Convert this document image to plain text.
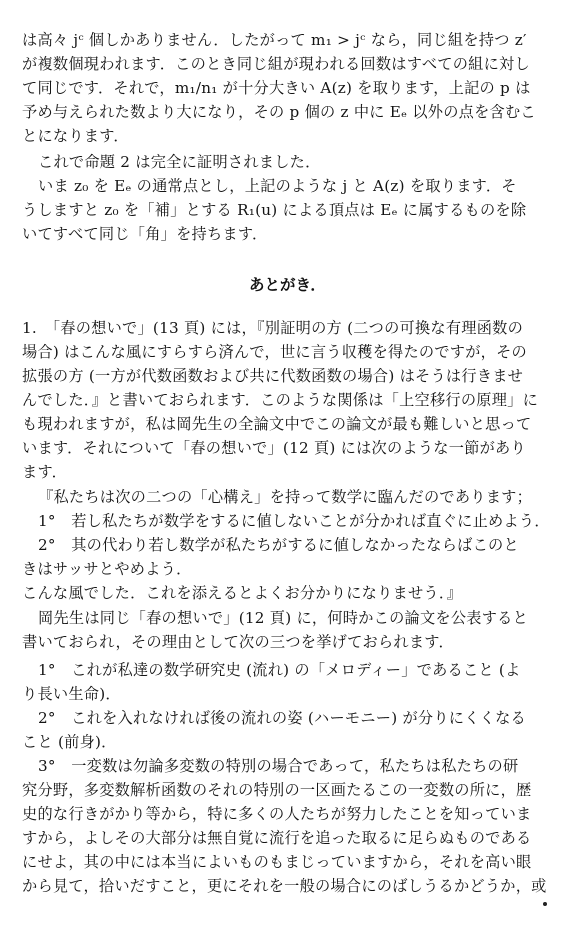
は高々 jᶜ 個しかありません．したがって m₁ > jᶜ なら，同じ組を持つ z′
が複数個現われます．このとき同じ組が現われる回数はすべての組に対し
て同じです．それで，m₁/n₁ が十分大きい A(z) を取ります，上記の p は
予め与えられた数より大になり，その p 個の z 中に Eₑ 以外の点を含むこ
とになります．
これで命題 2 は完全に証明されました．
いま z₀ を Eₑ の通常点とし，上記のような j と A(z) を取ります．そ
うしますと z₀ を「補」とする R₁(u) による頂点は Eₑ に属するものを除
いてすべて同じ「角」を持ちます．
あとがき．
1.　「春の想いで」(13 頁) には，『別証明の方 (二つの可換な有理函数の
場合) はこんな風にすらすら済んで，世に言う収穫を得たのですが，その
拡張の方 (一方が代数函数および共に代数函数の場合) はそうは行きませ
んでした．』と書いておられます．このような関係は「上空移行の原理」に
も現われますが，私は岡先生の全論文中でこの論文が最も難しいと思って
います．それについて「春の想いで」(12 頁) には次のような一節があり
ます．
『私たちは次の二つの「心構え」を持って数学に臨んだのであります；
1°　若し私たちが数学をするに値しないことが分かれば直ぐに止めよう．
2°　其の代わり若し数学が私たちがするに値しなかったならばこのと
きはサッサとやめよう．
こんな風でした．これを添えるとよくお分かりになりませう．』
岡先生は同じ「春の想いで」(12 頁) に，何時かこの論文を公表すると
書いておられ，その理由として次の三つを挙げておられます．
1°　これが私達の数学研究史 (流れ) の「メロディー」であること (よ
り長い生命)．
2°　これを入れなければ後の流れの姿 (ハーモニー) が分りにくくなる
こと (前身)．
3°　一変数は勿論多変数の特別の場合であって，私たちは私たちの研
究分野，多変数解析函数のそれの特別の一区画たるこの一変数の所に，歴
史的な行きがかり等から，特に多くの人たちが努力したことを知っていま
すから，よしその大部分は無自覚に流行を追った取るに足らぬものである
にせよ，其の中には本当によいものもまじっていますから，それを高い眼
から見て，拾いだすこと，更にそれを一般の場合にのばしうるかどうか，或
